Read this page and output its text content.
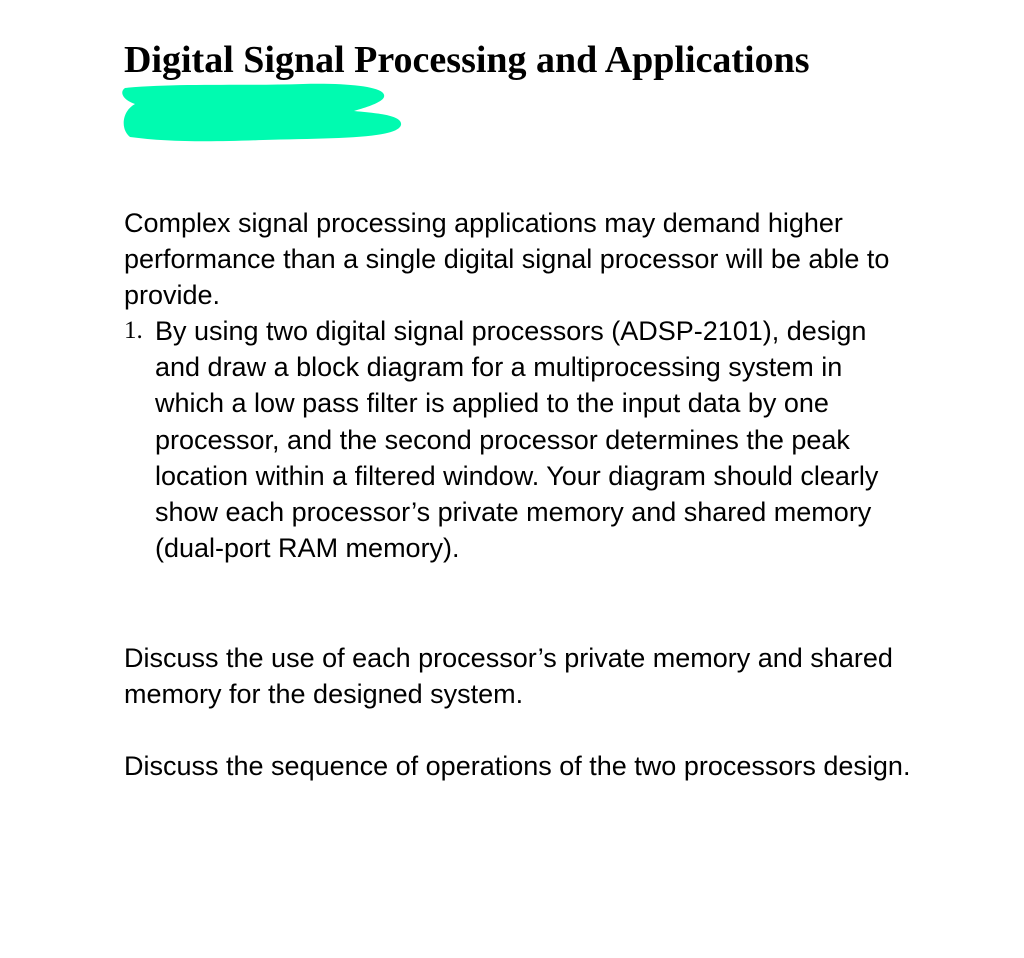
Digital Signal Processing and Applications

Complex signal processing applications may demand higher performance than a single digital signal processor will be able to provide.

1. By using two digital signal processors (ADSP-2101), design and draw a block diagram for a multiprocessing system in which a low pass filter is applied to the input data by one processor, and the second processor determines the peak location within a filtered window. Your diagram should clearly show each processor’s private memory and shared memory (dual-port RAM memory).

Discuss the use of each processor’s private memory and shared memory for the designed system.

Discuss the sequence of operations of the two processors design.
